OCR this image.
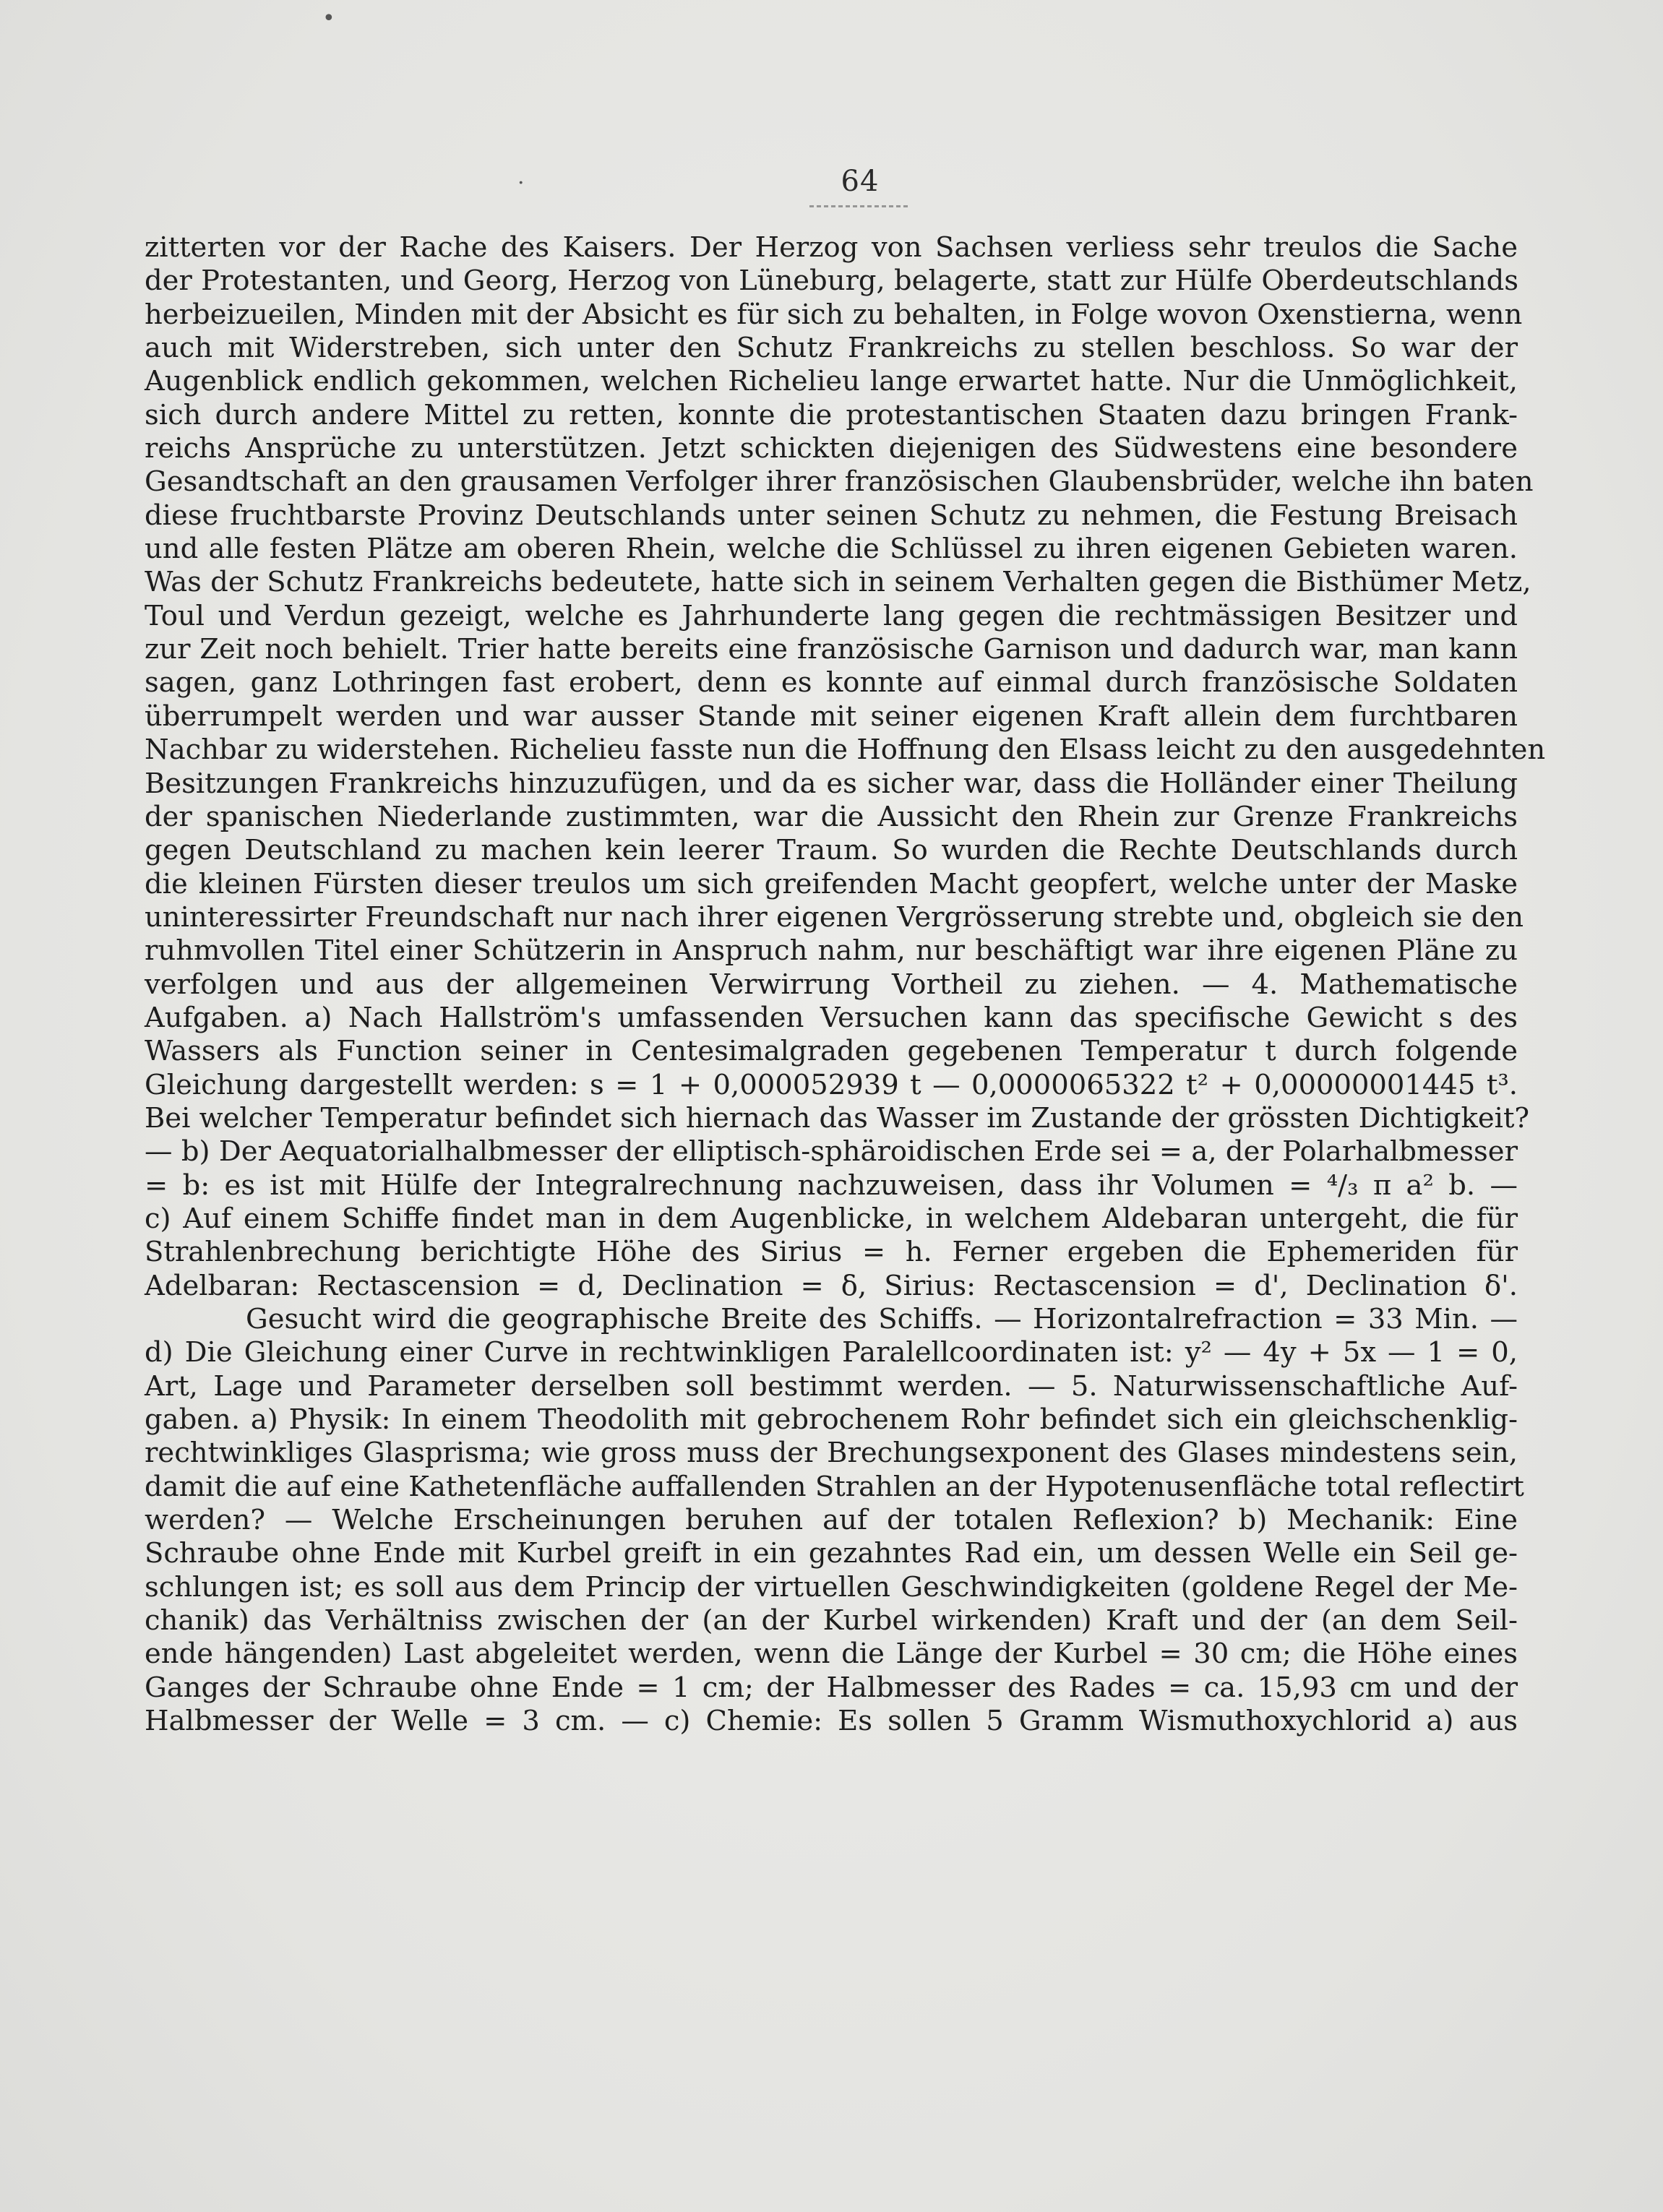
64
zitterten vor der Rache des Kaisers. Der Herzog von Sachsen verliess sehr treulos die Sache
der Protestanten, und Georg, Herzog von Lüneburg, belagerte, statt zur Hülfe Oberdeutschlands
herbeizueilen, Minden mit der Absicht es für sich zu behalten, in Folge wovon Oxenstierna, wenn
auch mit Widerstreben, sich unter den Schutz Frankreichs zu stellen beschloss. So war der
Augenblick endlich gekommen, welchen Richelieu lange erwartet hatte. Nur die Unmöglichkeit,
sich durch andere Mittel zu retten, konnte die protestantischen Staaten dazu bringen Frank-
reichs Ansprüche zu unterstützen. Jetzt schickten diejenigen des Südwestens eine besondere
Gesandtschaft an den grausamen Verfolger ihrer französischen Glaubensbrüder, welche ihn baten
diese fruchtbarste Provinz Deutschlands unter seinen Schutz zu nehmen, die Festung Breisach
und alle festen Plätze am oberen Rhein, welche die Schlüssel zu ihren eigenen Gebieten waren.
Was der Schutz Frankreichs bedeutete, hatte sich in seinem Verhalten gegen die Bisthümer Metz,
Toul und Verdun gezeigt, welche es Jahrhunderte lang gegen die rechtmässigen Besitzer und
zur Zeit noch behielt. Trier hatte bereits eine französische Garnison und dadurch war, man kann
sagen, ganz Lothringen fast erobert, denn es konnte auf einmal durch französische Soldaten
überrumpelt werden und war ausser Stande mit seiner eigenen Kraft allein dem furchtbaren
Nachbar zu widerstehen. Richelieu fasste nun die Hoffnung den Elsass leicht zu den ausgedehnten
Besitzungen Frankreichs hinzuzufügen, und da es sicher war, dass die Holländer einer Theilung
der spanischen Niederlande zustimmten, war die Aussicht den Rhein zur Grenze Frankreichs
gegen Deutschland zu machen kein leerer Traum. So wurden die Rechte Deutschlands durch
die kleinen Fürsten dieser treulos um sich greifenden Macht geopfert, welche unter der Maske
uninteressirter Freundschaft nur nach ihrer eigenen Vergrösserung strebte und, obgleich sie den
ruhmvollen Titel einer Schützerin in Anspruch nahm, nur beschäftigt war ihre eigenen Pläne zu
verfolgen und aus der allgemeinen Verwirrung Vortheil zu ziehen. — 4. Mathematische
Aufgaben. a) Nach Hallström's umfassenden Versuchen kann das specifische Gewicht s des
Wassers als Function seiner in Centesimalgraden gegebenen Temperatur t durch folgende
Gleichung dargestellt werden: s = 1 + 0,000052939 t — 0,0000065322 t² + 0,00000001445 t³.
Bei welcher Temperatur befindet sich hiernach das Wasser im Zustande der grössten Dichtigkeit?
— b) Der Aequatorialhalbmesser der elliptisch-sphäroidischen Erde sei = a, der Polarhalbmesser
= b: es ist mit Hülfe der Integralrechnung nachzuweisen, dass ihr Volumen = ⁴/₃ π a² b. —
c) Auf einem Schiffe findet man in dem Augenblicke, in welchem Aldebaran untergeht, die für
Strahlenbrechung berichtigte Höhe des Sirius = h. Ferner ergeben die Ephemeriden für
Adelbaran: Rectascension = d, Declination = δ, Sirius: Rectascension = d', Declination δ'.
Gesucht wird die geographische Breite des Schiffs. — Horizontalrefraction = 33 Min. —
d) Die Gleichung einer Curve in rechtwinkligen Paralellcoordinaten ist: y² — 4y + 5x — 1 = 0,
Art, Lage und Parameter derselben soll bestimmt werden. — 5. Naturwissenschaftliche Auf-
gaben. a) Physik: In einem Theodolith mit gebrochenem Rohr befindet sich ein gleichschenklig-
rechtwinkliges Glasprisma; wie gross muss der Brechungsexponent des Glases mindestens sein,
damit die auf eine Kathetenfläche auffallenden Strahlen an der Hypotenusenfläche total reflectirt
werden? — Welche Erscheinungen beruhen auf der totalen Reflexion? b) Mechanik: Eine
Schraube ohne Ende mit Kurbel greift in ein gezahntes Rad ein, um dessen Welle ein Seil ge-
schlungen ist; es soll aus dem Princip der virtuellen Geschwindigkeiten (goldene Regel der Me-
chanik) das Verhältniss zwischen der (an der Kurbel wirkenden) Kraft und der (an dem Seil-
ende hängenden) Last abgeleitet werden, wenn die Länge der Kurbel = 30 cm; die Höhe eines
Ganges der Schraube ohne Ende = 1 cm; der Halbmesser des Rades = ca. 15,93 cm und der
Halbmesser der Welle = 3 cm. — c) Chemie: Es sollen 5 Gramm Wismuthoxychlorid a) aus
•
·
